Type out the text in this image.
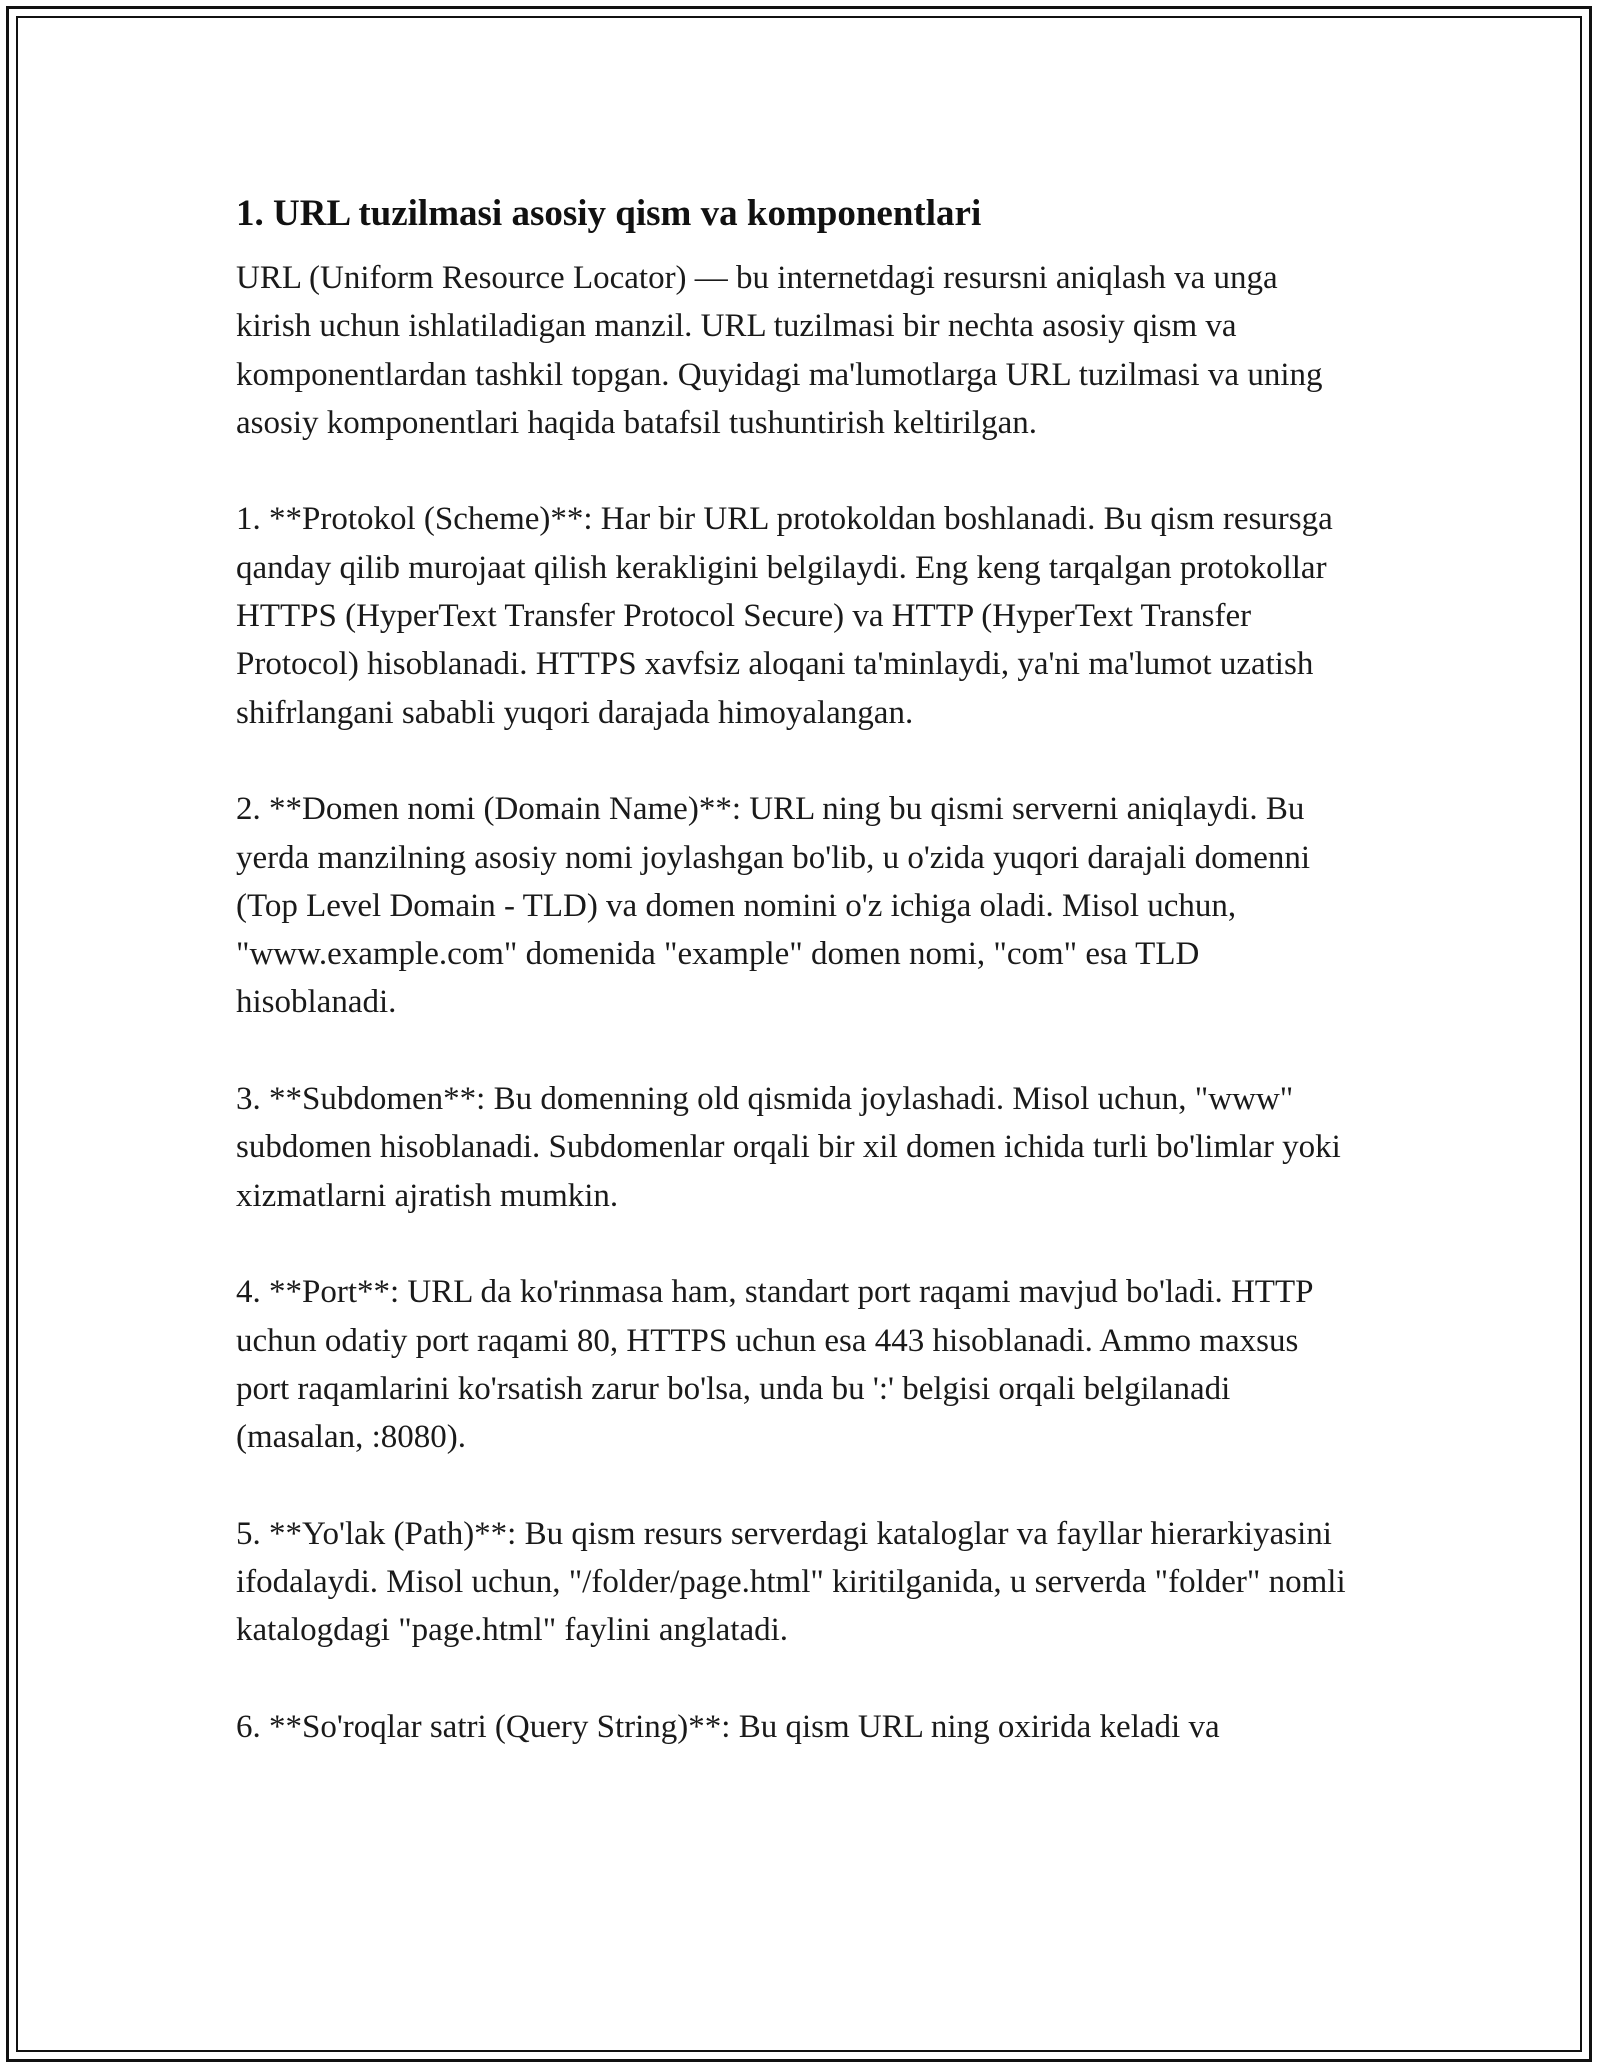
1. URL tuzilmasi asosiy qism va komponentlari

URL (Uniform Resource Locator) — bu internetdagi resursni aniqlash va unga kirish uchun ishlatiladigan manzil. URL tuzilmasi bir nechta asosiy qism va komponentlardan tashkil topgan. Quyidagi ma'lumotlarga URL tuzilmasi va uning asosiy komponentlari haqida batafsil tushuntirish keltirilgan.

1. **Protokol (Scheme)**: Har bir URL protokoldan boshlanadi. Bu qism resursga qanday qilib murojaat qilish kerakligini belgilaydi. Eng keng tarqalgan protokollar HTTPS (HyperText Transfer Protocol Secure) va HTTP (HyperText Transfer Protocol) hisoblanadi. HTTPS xavfsiz aloqani ta'minlaydi, ya'ni ma'lumot uzatish shifrlangani sababli yuqori darajada himoyalangan.

2. **Domen nomi (Domain Name)**: URL ning bu qismi serverni aniqlaydi. Bu yerda manzilning asosiy nomi joylashgan bo'lib, u o'zida yuqori darajali domenni (Top Level Domain - TLD) va domen nomini o'z ichiga oladi. Misol uchun, "www.example.com" domenida "example" domen nomi, "com" esa TLD hisoblanadi.

3. **Subdomen**: Bu domenning old qismida joylashadi. Misol uchun, "www" subdomen hisoblanadi. Subdomenlar orqali bir xil domen ichida turli bo'limlar yoki xizmatlarni ajratish mumkin.

4. **Port**: URL da ko'rinmasa ham, standart port raqami mavjud bo'ladi. HTTP uchun odatiy port raqami 80, HTTPS uchun esa 443 hisoblanadi. Ammo maxsus port raqamlarini ko'rsatish zarur bo'lsa, unda bu ':' belgisi orqali belgilanadi (masalan, :8080).

5. **Yo'lak (Path)**: Bu qism resurs serverdagi kataloglar va fayllar hierarkiyasini ifodalaydi. Misol uchun, "/folder/page.html" kiritilganida, u serverda "folder" nomli katalogdagi "page.html" faylini anglatadi.

6. **So'roqlar satri (Query String)**: Bu qism URL ning oxirida keladi va
